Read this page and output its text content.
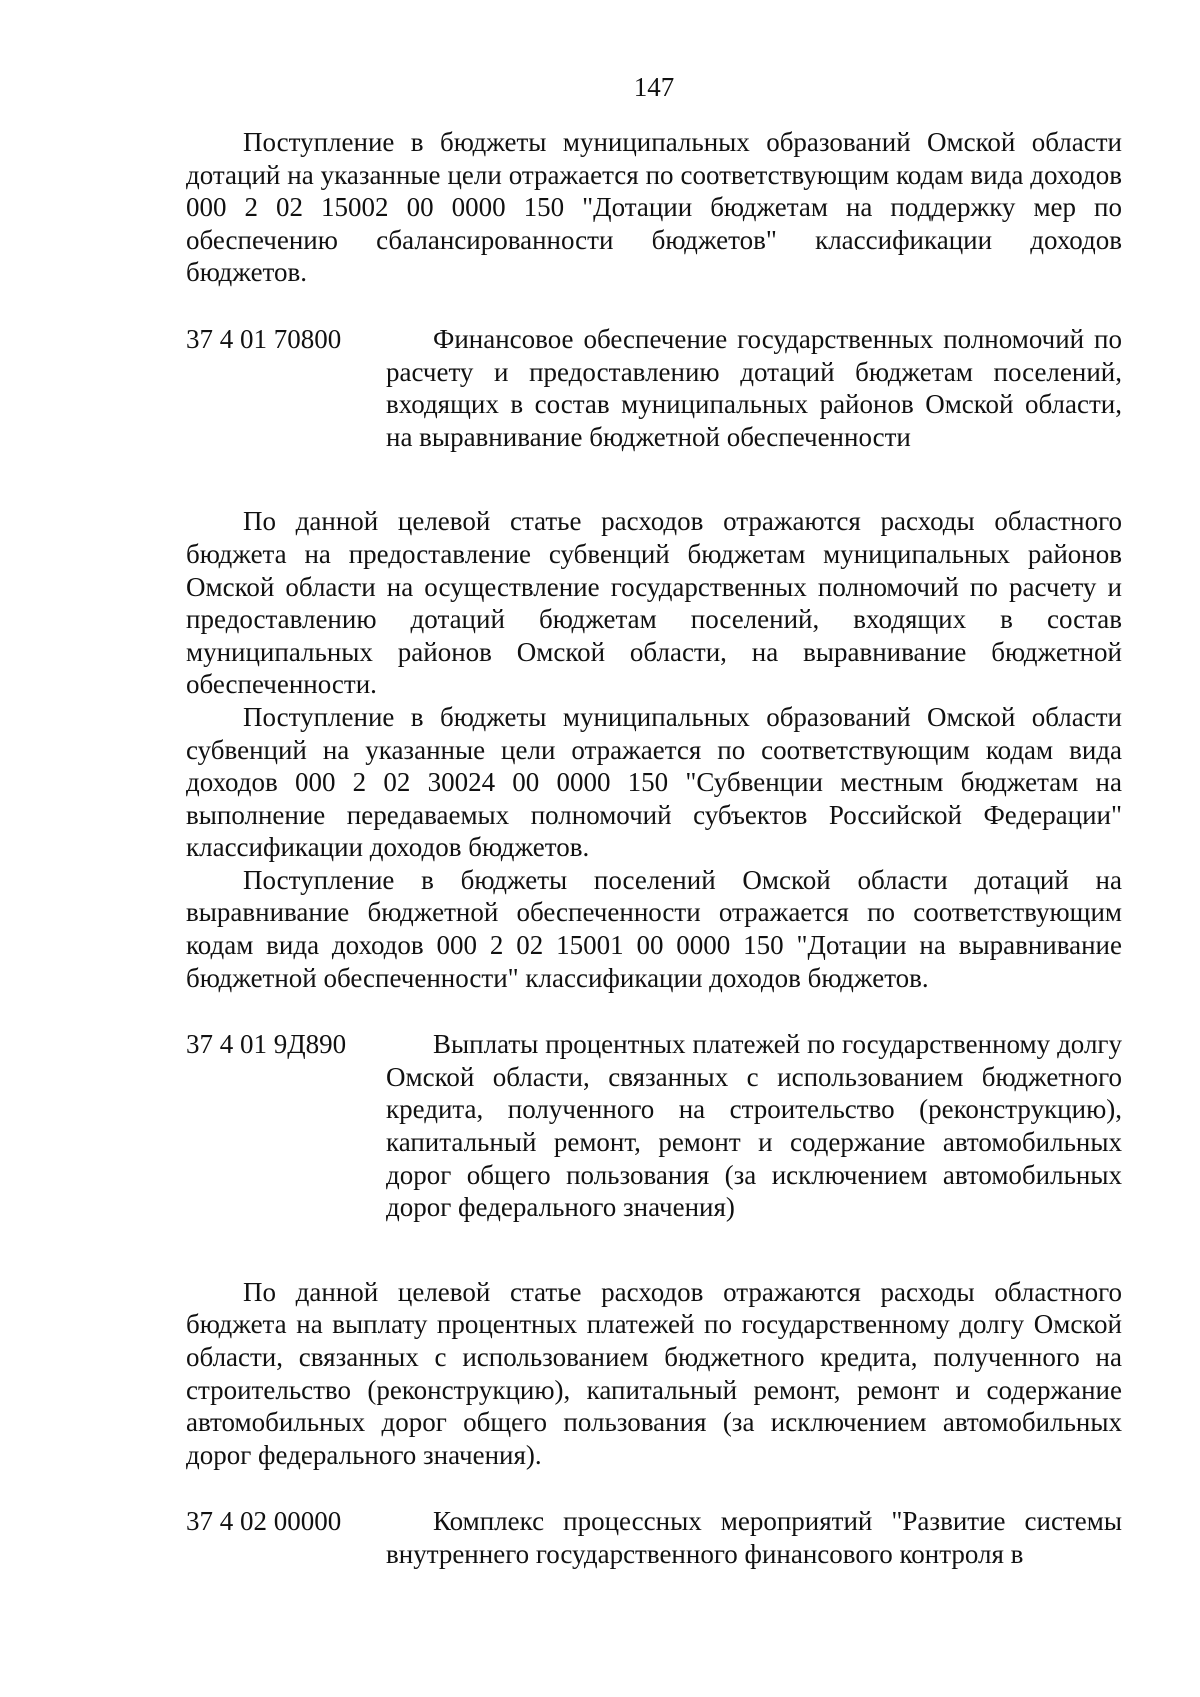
147

Поступление в бюджеты муниципальных образований Омской области дотаций на указанные цели отражается по соответствующим кодам вида доходов 000 2 02 15002 00 0000 150 "Дотации бюджетам на поддержку мер по обеспечению сбалансированности бюджетов" классификации доходов бюджетов.

37 4 01 70800	Финансовое обеспечение государственных полномочий по расчету и предоставлению дотаций бюджетам поселений, входящих в состав муниципальных районов Омской области, на выравнивание бюджетной обеспеченности

По данной целевой статье расходов отражаются расходы областного бюджета на предоставление субвенций бюджетам муниципальных районов Омской области на осуществление государственных полномочий по расчету и предоставлению дотаций бюджетам поселений, входящих в состав муниципальных районов Омской области, на выравнивание бюджетной обеспеченности.

Поступление в бюджеты муниципальных образований Омской области субвенций на указанные цели отражается по соответствующим кодам вида доходов 000 2 02 30024 00 0000 150 "Субвенции местным бюджетам на выполнение передаваемых полномочий субъектов Российской Федерации" классификации доходов бюджетов.

Поступление в бюджеты поселений Омской области дотаций на выравнивание бюджетной обеспеченности отражается по соответствующим кодам вида доходов 000 2 02 15001 00 0000 150 "Дотации на выравнивание бюджетной обеспеченности" классификации доходов бюджетов.

37 4 01 9Д890	Выплаты процентных платежей по государственному долгу Омской области, связанных с использованием бюджетного кредита, полученного на строительство (реконструкцию), капитальный ремонт, ремонт и содержание автомобильных дорог общего пользования (за исключением автомобильных дорог федерального значения)

По данной целевой статье расходов отражаются расходы областного бюджета на выплату процентных платежей по государственному долгу Омской области, связанных с использованием бюджетного кредита, полученного на строительство (реконструкцию), капитальный ремонт, ремонт и содержание автомобильных дорог общего пользования (за исключением автомобильных дорог федерального значения).

37 4 02 00000	Комплекс процессных мероприятий "Развитие системы внутреннего государственного финансового контроля в
